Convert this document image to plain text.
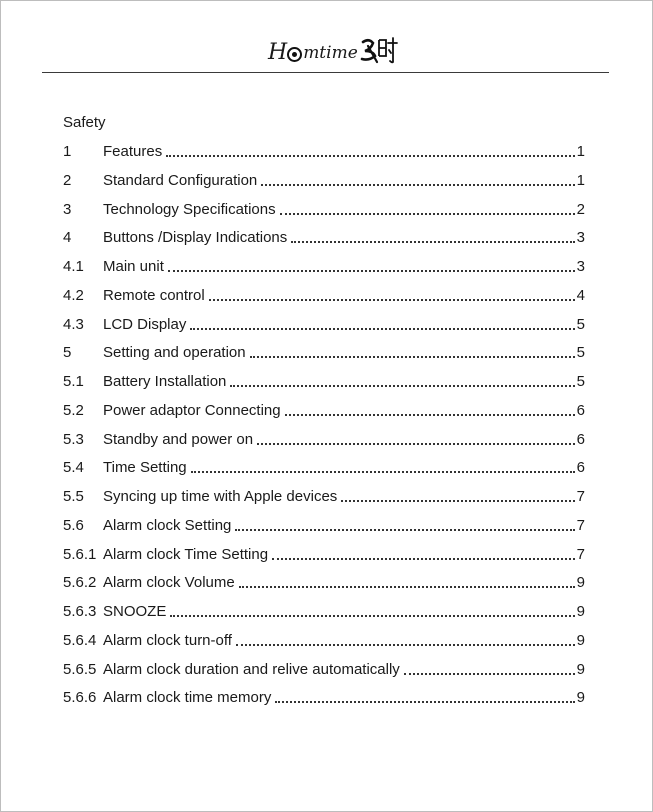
H mtime
Safety
1	Features	1
2	Standard Configuration	1
3	Technology Specifications	2
4	Buttons /Display Indications	3
4.1	Main unit	3
4.2	Remote control	4
4.3	LCD Display	5
5	Setting and operation	5
5.1	Battery Installation	5
5.2	Power adaptor Connecting	6
5.3	Standby and power on	6
5.4	Time Setting	6
5.5	Syncing up time with Apple devices	7
5.6	Alarm clock Setting	7
5.6.1 Alarm clock Time Setting	7
5.6.2 Alarm clock Volume	9
5.6.3 SNOOZE	9
5.6.4 Alarm clock turn-off	9
5.6.5 Alarm clock duration and relive automatically	9
5.6.6 Alarm clock time memory	9
